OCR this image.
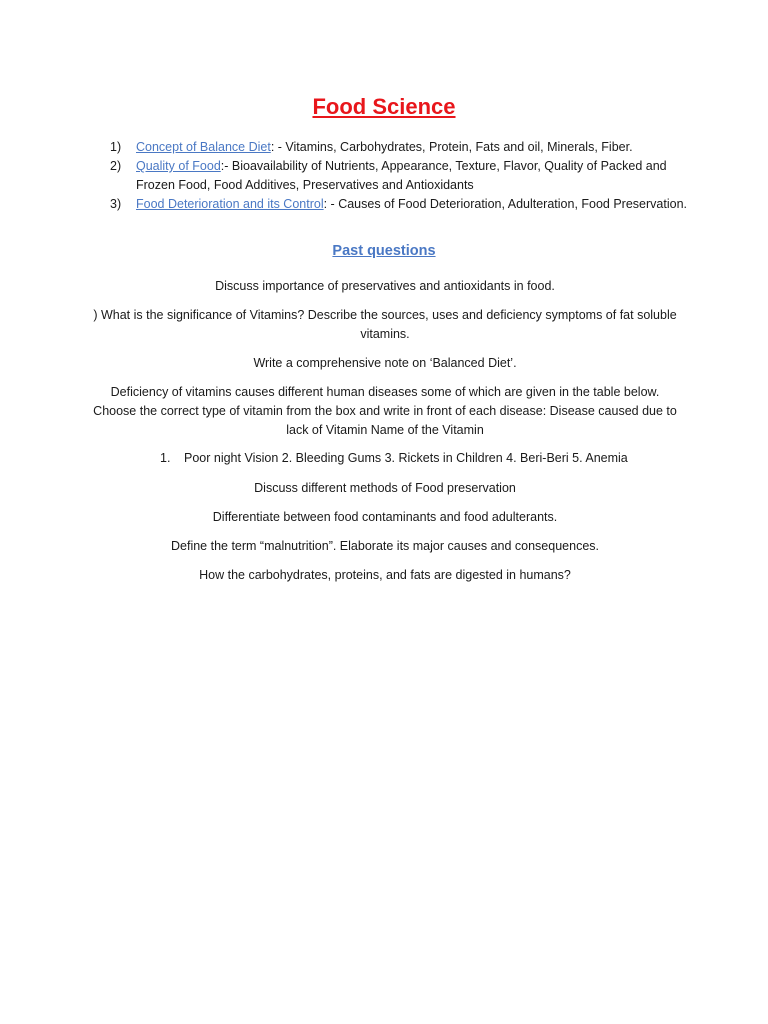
Food Science
1) Concept of Balance Diet: - Vitamins, Carbohydrates, Protein, Fats and oil, Minerals, Fiber.
2) Quality of Food:- Bioavailability of Nutrients, Appearance, Texture, Flavor, Quality of Packed and Frozen Food, Food Additives, Preservatives and Antioxidants
3) Food Deterioration and its Control: - Causes of Food Deterioration, Adulteration, Food Preservation.
Past questions

Discuss importance of preservatives and antioxidants in food.

) What is the significance of Vitamins? Describe the sources, uses and deficiency symptoms of fat soluble vitamins.

Write a comprehensive note on ‘Balanced Diet’.

Deficiency of vitamins causes different human diseases some of which are given in the table below. Choose the correct type of vitamin from the box and write in front of each disease: Disease caused due to lack of Vitamin Name of the Vitamin

1. Poor night Vision 2. Bleeding Gums 3. Rickets in Children 4. Beri-Beri 5. Anemia

Discuss different methods of Food preservation

Differentiate between food contaminants and food adulterants.

Define the term “malnutrition”. Elaborate its major causes and consequences.

How the carbohydrates, proteins, and fats are digested in humans?
